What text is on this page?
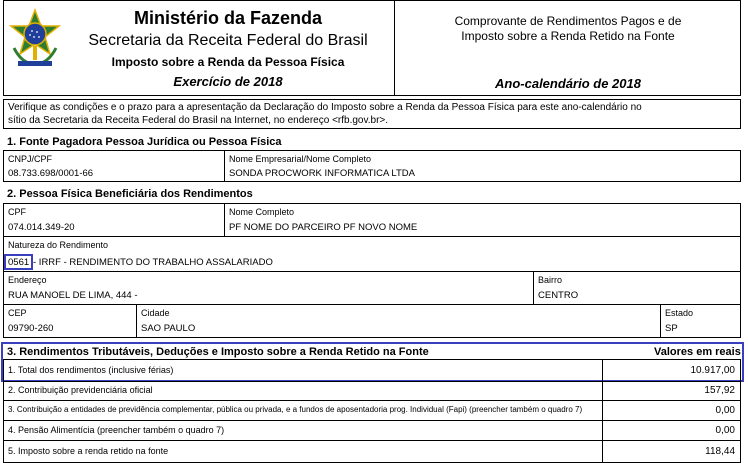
Ministério da Fazenda
Secretaria da Receita Federal do Brasil
Imposto sobre a Renda da Pessoa Física
Exercício de 2018
Comprovante de Rendimentos Pagos e de
Imposto sobre a Renda Retido na Fonte
Ano-calendário de 2018
Verifique as condições e o prazo para a apresentação da Declaração do Imposto sobre a Renda da Pessoa Física para este ano-calendário no
sítio da Secretaria da Receita Federal do Brasil na Internet, no endereço <rfb.gov.br>.
1. Fonte Pagadora Pessoa Jurídica ou Pessoa Física
CNPJ/CPF
08.733.698/0001-66
Nome Empresarial/Nome Completo
SONDA PROCWORK INFORMATICA LTDA
2. Pessoa Física Beneficiária dos Rendimentos
CPF
074.014.349-20
Nome Completo
PF NOME DO PARCEIRO PF NOVO NOME
Natureza do Rendimento
0561 - IRRF - RENDIMENTO DO TRABALHO ASSALARIADO
Endereço
RUA MANOEL DE LIMA, 444 -
Bairro
CENTRO
CEP
09790-260
Cidade
SAO PAULO
Estado
SP
3. Rendimentos Tributáveis, Deduções e Imposto sobre a Renda Retido na Fonte	Valores em reais
1. Total dos rendimentos (inclusive férias)	10.917,00
2. Contribuição previdenciária oficial	157,92
3. Contribuição a entidades de previdência complementar, pública ou privada, e a fundos de aposentadoria prog. Individual (Fapi) (preencher também o quadro 7)	0,00
4. Pensão Alimentícia (preencher também o quadro 7)	0,00
5. Imposto sobre a renda retido na fonte	118,44
